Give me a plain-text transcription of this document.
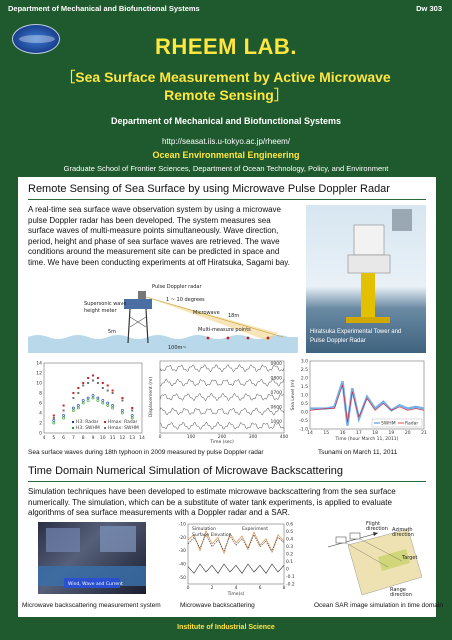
Department of Mechanical and Biofunctional Systems	Dw 303
RHEEM LAB.
［Sea Surface Measurement by Active Microwave
Remote Sensing］
Department of Mechanical and Biofunctional Systems
http://seasat.iis.u-tokyo.ac.jp/rheem/
Ocean Environmental Engineering
Graduate School of Frontier Sciences, Department of Ocean Technology, Policy, and Environment
Remote Sensing of Sea Surface by using Microwave Pulse Doppler Radar
A real-time sea surface wave observation system by using a microwave pulse Doppler radar has been developed. The system measures sea surface waves of multi-measure points simultaneously. Wave direction, period, height and phase of sea surface waves are retrieved. The wave conditions around the measurement site can be predicted in space and time. We have been conducting experiments at off Hiratsuka, Sagami bay.
Pulse Doppler radar
Supersonic wave
height meter
1 ~ 10 degrees
Microwave 18m
5m	Multi-measure points
100m~
Hiratsuka Experimental Tower and
Pulse Doppler Radar
0
2
4
6
8
10
12
14
4 5 6 7 8 9 10 11 12 13 14
H3: Radar
H3: SWHM
Hmax: Radar
Hmax: SWHM
0900
0800
0700
0600
1000
0	100	200	300	400
Time (sec)
Displacement (m)
-1.0
-0.5
0.0
0.5
1.0
1.5
2.0
2.5
3.0
14 15 16 17 18 19 20 21
Time (hour March 11, 2011)
Sea Level (m)
SWHM Radar
Sea surface waves during 18th typhoon in 2009 measured by pulse Doppler radar	Tsunami on March 11, 2011
Time Domain Numerical Simulation of Microwave Backscattering
Simulation techniques have been developed to estimate microwave backscattering from the sea surface numerically. The simulation, which can be a substitute of water tank experiments, is applied to evaluate algorithms of sea surface measurements with a Doppler radar and a SAR.
Wind, Wave and Current
-10
-20
-30
-40
-50
0.6
0.5
0.4
0.3
0.2
0.1
0
-0.1
-0.2
0	2	4	6	8
Time(s)
Simulation	Experiment
Surface Elevation
Flight
direction Azimuth
direction
Target
Range
direction
Microwave backscattering measurement system	Microwave backscattering	Ocean SAR image simulation in time domain
Institute of Industrial Science
